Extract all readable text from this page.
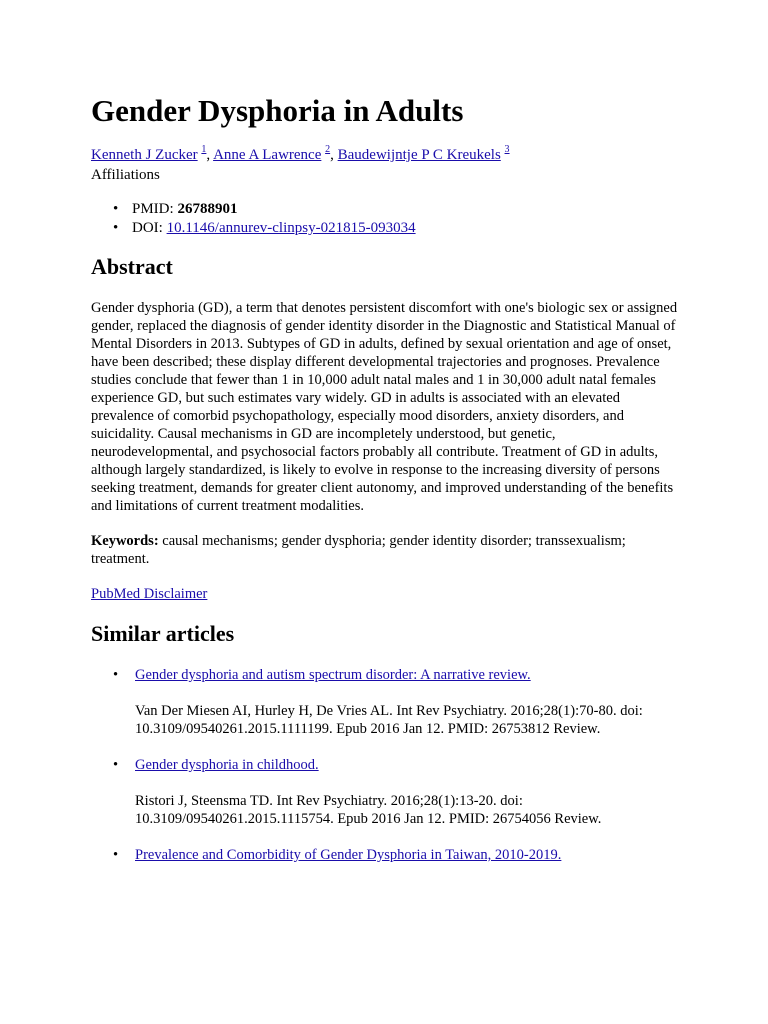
Gender Dysphoria in Adults
Kenneth J Zucker $^1$, Anne A Lawrence $^2$, Baudewijntje P C Kreukels $^3$
Affiliations
• PMID: 26788901
• DOI: 10.1146/annurev-clinpsy-021815-093034
Abstract

Gender dysphoria (GD), a term that denotes persistent discomfort with one's biologic sex or assigned gender, replaced the diagnosis of gender identity disorder in the Diagnostic and Statistical Manual of Mental Disorders in 2013. Subtypes of GD in adults, defined by sexual orientation and age of onset, have been described; these display different developmental trajectories and prognoses. Prevalence studies conclude that fewer than 1 in 10,000 adult natal males and 1 in 30,000 adult natal females experience GD, but such estimates vary widely. GD in adults is associated with an elevated prevalence of comorbid psychopathology, especially mood disorders, anxiety disorders, and suicidality. Causal mechanisms in GD are incompletely understood, but genetic, neurodevelopmental, and psychosocial factors probably all contribute. Treatment of GD in adults, although largely standardized, is likely to evolve in response to the increasing diversity of persons seeking treatment, demands for greater client autonomy, and improved understanding of the benefits and limitations of current treatment modalities.

Keywords: causal mechanisms; gender dysphoria; gender identity disorder; transsexualism; treatment.

PubMed Disclaimer
Similar articles
• Gender dysphoria and autism spectrum disorder: A narrative review.
Van Der Miesen AI, Hurley H, De Vries AL. Int Rev Psychiatry. 2016;28(1):70-80. doi: 10.3109/09540261.2015.1111199. Epub 2016 Jan 12. PMID: 26753812 Review.
• Gender dysphoria in childhood.
Ristori J, Steensma TD. Int Rev Psychiatry. 2016;28(1):13-20. doi: 10.3109/09540261.2015.1115754. Epub 2016 Jan 12. PMID: 26754056 Review.
• Prevalence and Comorbidity of Gender Dysphoria in Taiwan, 2010-2019.
